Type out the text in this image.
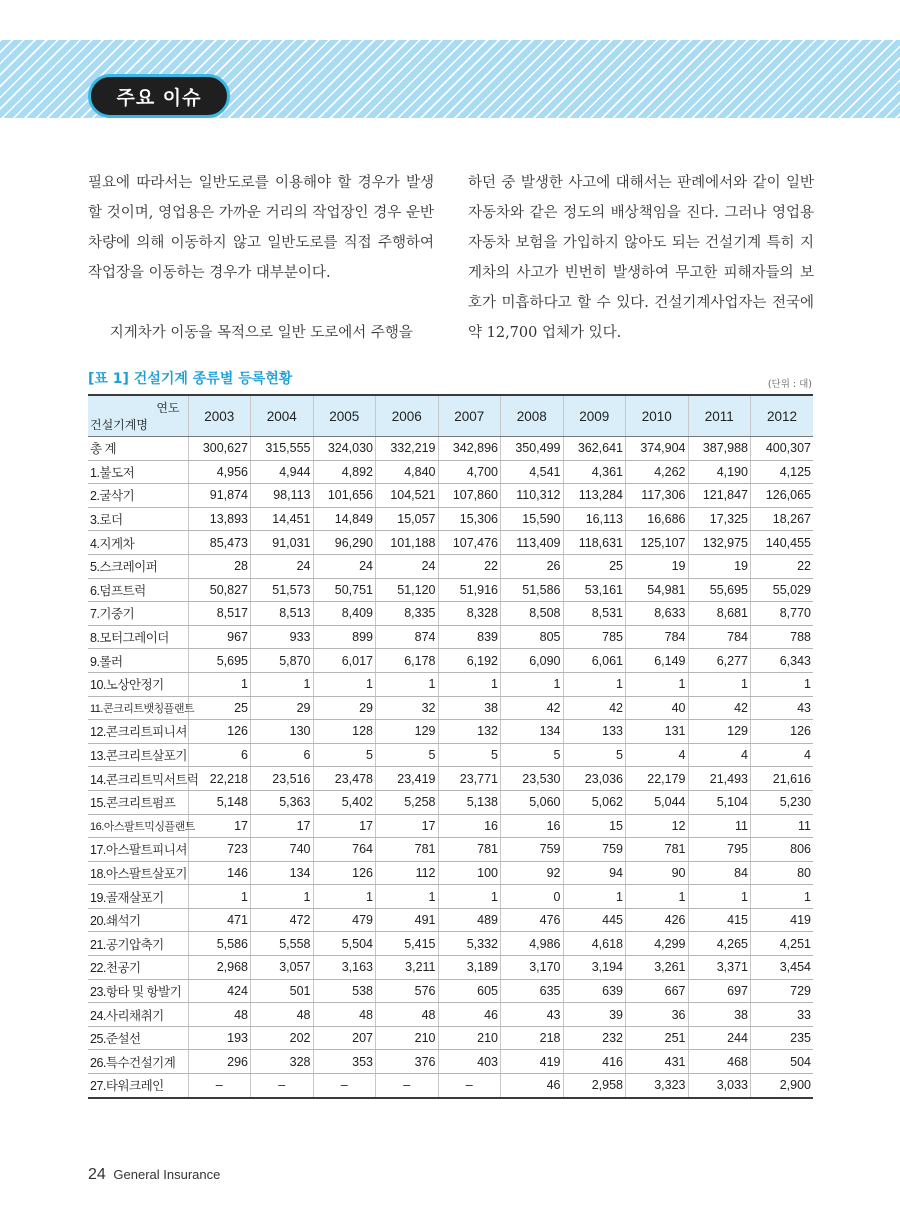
주요 이슈

필요에 따라서는 일반도로를 이용해야 할 경우가 발생할 것이며, 영업용은 가까운 거리의 작업장인 경우 운반 차량에 의해 이동하지 않고 일반도로를 직접 주행하여 작업장을 이동하는 경우가 대부분이다.

지게차가 이동을 목적으로 일반 도로에서 주행을

하던 중 발생한 사고에 대해서는 판례에서와 같이 일반 자동차와 같은 정도의 배상책임을 진다. 그러나 영업용 자동차 보험을 가입하지 않아도 되는 건설기계 특히 지게차의 사고가 빈번히 발생하여 무고한 피해자들의 보호가 미흡하다고 할 수 있다. 건설기계사업자는 전국에 약 12,700 업체가 있다.

[표 1] 건설기계 종류별 등록현황	(단위 : 대)
연도
건설기계명	2003	2004	2005	2006	2007	2008	2009	2010	2011	2012
총 계	300,627	315,555	324,030	332,219	342,896	350,499	362,641	374,904	387,988	400,307
1.불도저	4,956	4,944	4,892	4,840	4,700	4,541	4,361	4,262	4,190	4,125
2.굴삭기	91,874	98,113	101,656	104,521	107,860	110,312	113,284	117,306	121,847	126,065
3.로더	13,893	14,451	14,849	15,057	15,306	15,590	16,113	16,686	17,325	18,267
4.지게차	85,473	91,031	96,290	101,188	107,476	113,409	118,631	125,107	132,975	140,455
5.스크레이퍼	28	24	24	24	22	26	25	19	19	22
6.덤프트럭	50,827	51,573	50,751	51,120	51,916	51,586	53,161	54,981	55,695	55,029
7.기중기	8,517	8,513	8,409	8,335	8,328	8,508	8,531	8,633	8,681	8,770
8.모터그레이더	967	933	899	874	839	805	785	784	784	788
9.롤러	5,695	5,870	6,017	6,178	6,192	6,090	6,061	6,149	6,277	6,343
10.노상안정기	1	1	1	1	1	1	1	1	1	1
11.콘크리트뱃칭플랜트	25	29	29	32	38	42	42	40	42	43
12.콘크리트피니셔	126	130	128	129	132	134	133	131	129	126
13.콘크리트살포기	6	6	5	5	5	5	5	4	4	4
14.콘크리트믹서트럭	22,218	23,516	23,478	23,419	23,771	23,530	23,036	22,179	21,493	21,616
15.콘크리트펌프	5,148	5,363	5,402	5,258	5,138	5,060	5,062	5,044	5,104	5,230
16.아스팔트믹싱플랜트	17	17	17	17	16	16	15	12	11	11
17.아스팔트피니셔	723	740	764	781	781	759	759	781	795	806
18.아스팔트살포기	146	134	126	112	100	92	94	90	84	80
19.골재살포기	1	1	1	1	1	0	1	1	1	1
20.쇄석기	471	472	479	491	489	476	445	426	415	419
21.공기압축기	5,586	5,558	5,504	5,415	5,332	4,986	4,618	4,299	4,265	4,251
22.천공기	2,968	3,057	3,163	3,211	3,189	3,170	3,194	3,261	3,371	3,454
23.항타 및 항발기	424	501	538	576	605	635	639	667	697	729
24.사리채취기	48	48	48	48	46	43	39	36	38	33
25.준설선	193	202	207	210	210	218	232	251	244	235
26.특수건설기계	296	328	353	376	403	419	416	431	468	504
27.타워크레인	–	–	–	–	–	46	2,958	3,323	3,033	2,900
24 General Insurance
